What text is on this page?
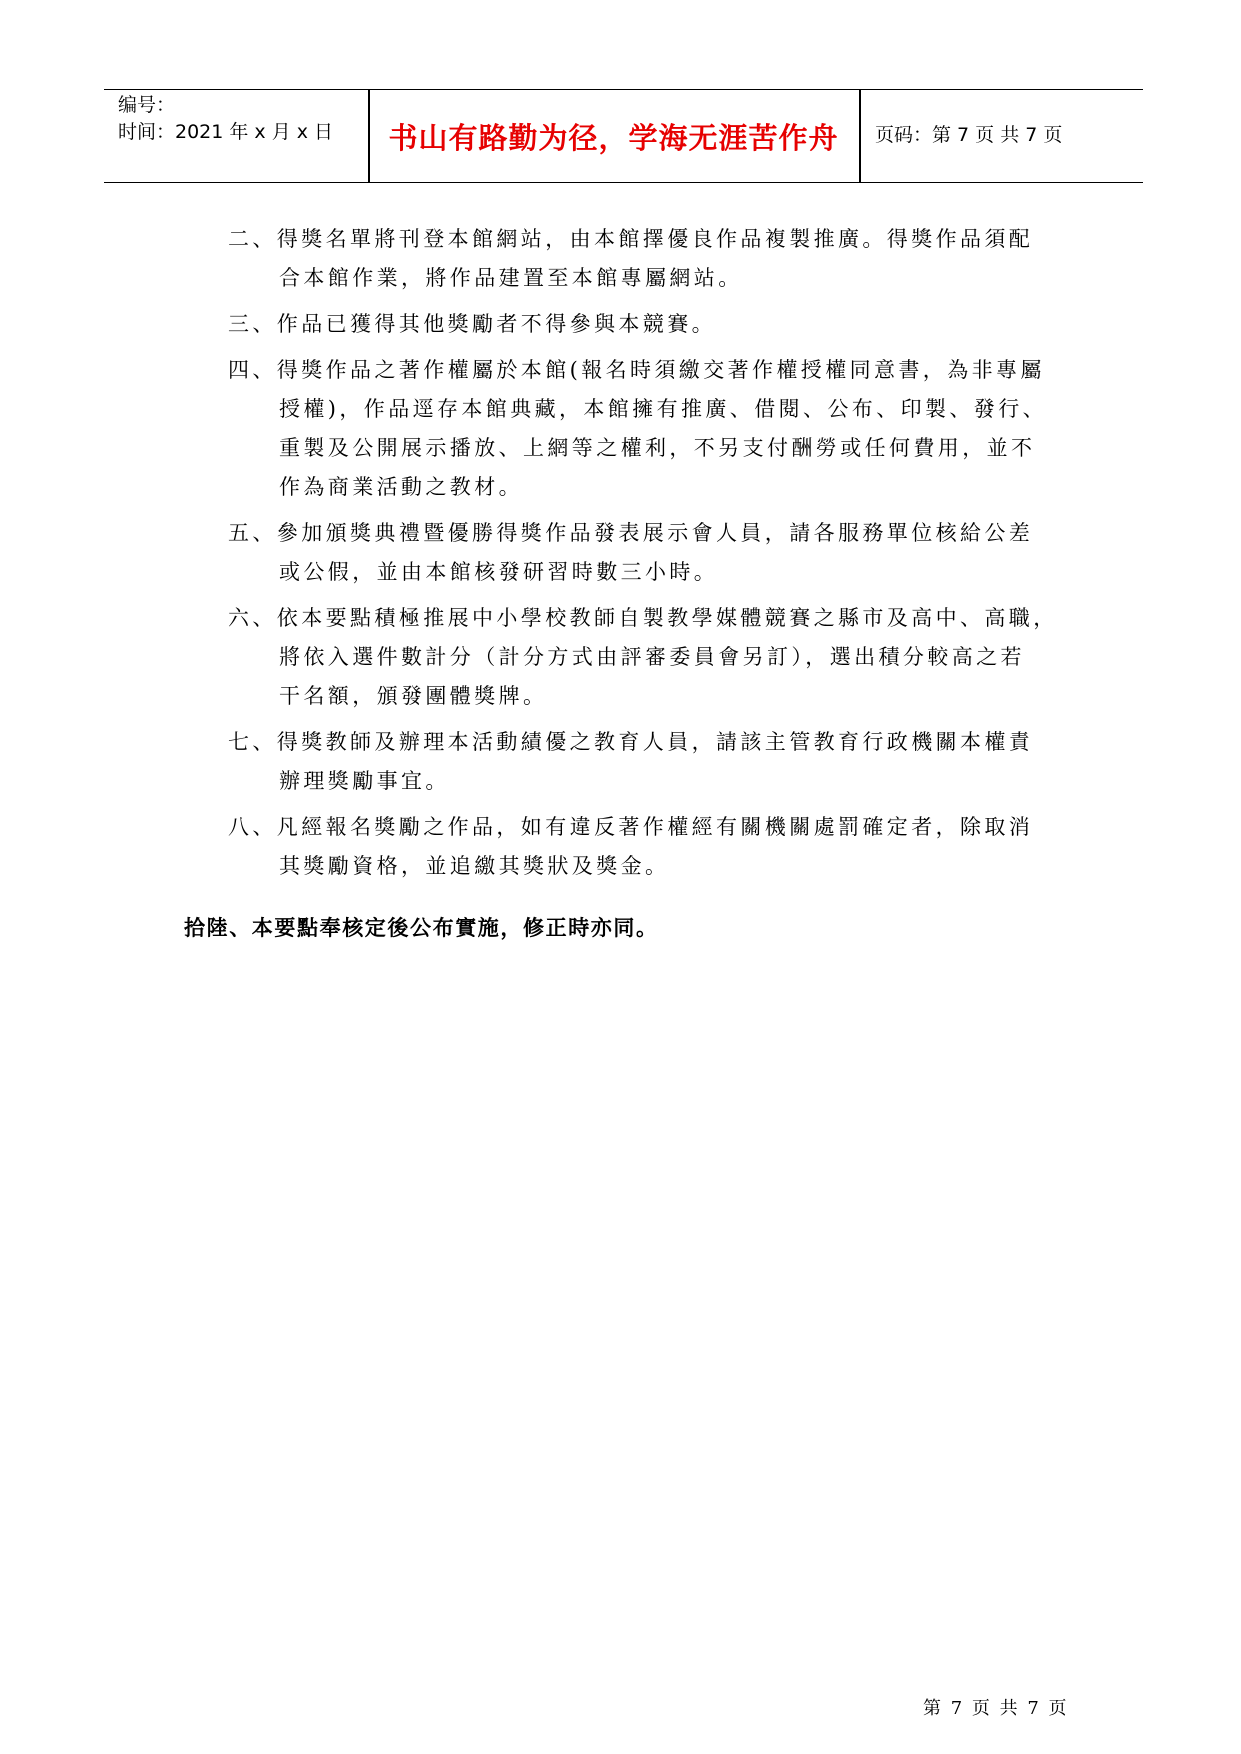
编号：
时间：2021 年 x 月 x 日	书山有路勤为径，学海无涯苦作舟	页码：第 7 页 共 7 页
二、得獎名單將刊登本館網站，由本館擇優良作品複製推廣。得獎作品須配
合本館作業，將作品建置至本館專屬網站。
三、作品已獲得其他獎勵者不得參與本競賽。
四、得獎作品之著作權屬於本館(報名時須繳交著作權授權同意書，為非專屬
授權)，作品逕存本館典藏，本館擁有推廣、借閱、公布、印製、發行、
重製及公開展示播放、上網等之權利，不另支付酬勞或任何費用，並不
作為商業活動之教材。
五、參加頒獎典禮暨優勝得獎作品發表展示會人員，請各服務單位核給公差
或公假，並由本館核發研習時數三小時。
六、依本要點積極推展中小學校教師自製教學媒體競賽之縣市及高中、高職，
將依入選件數計分（計分方式由評審委員會另訂），選出積分較高之若
干名額，頒發團體獎牌。
七、得獎教師及辦理本活動績優之教育人員，請該主管教育行政機關本權責
辦理獎勵事宜。
八、凡經報名獎勵之作品，如有違反著作權經有關機關處罰確定者，除取消
其獎勵資格，並追繳其獎狀及獎金。
拾陸、本要點奉核定後公布實施，修正時亦同。
第 7 页 共 7 页
